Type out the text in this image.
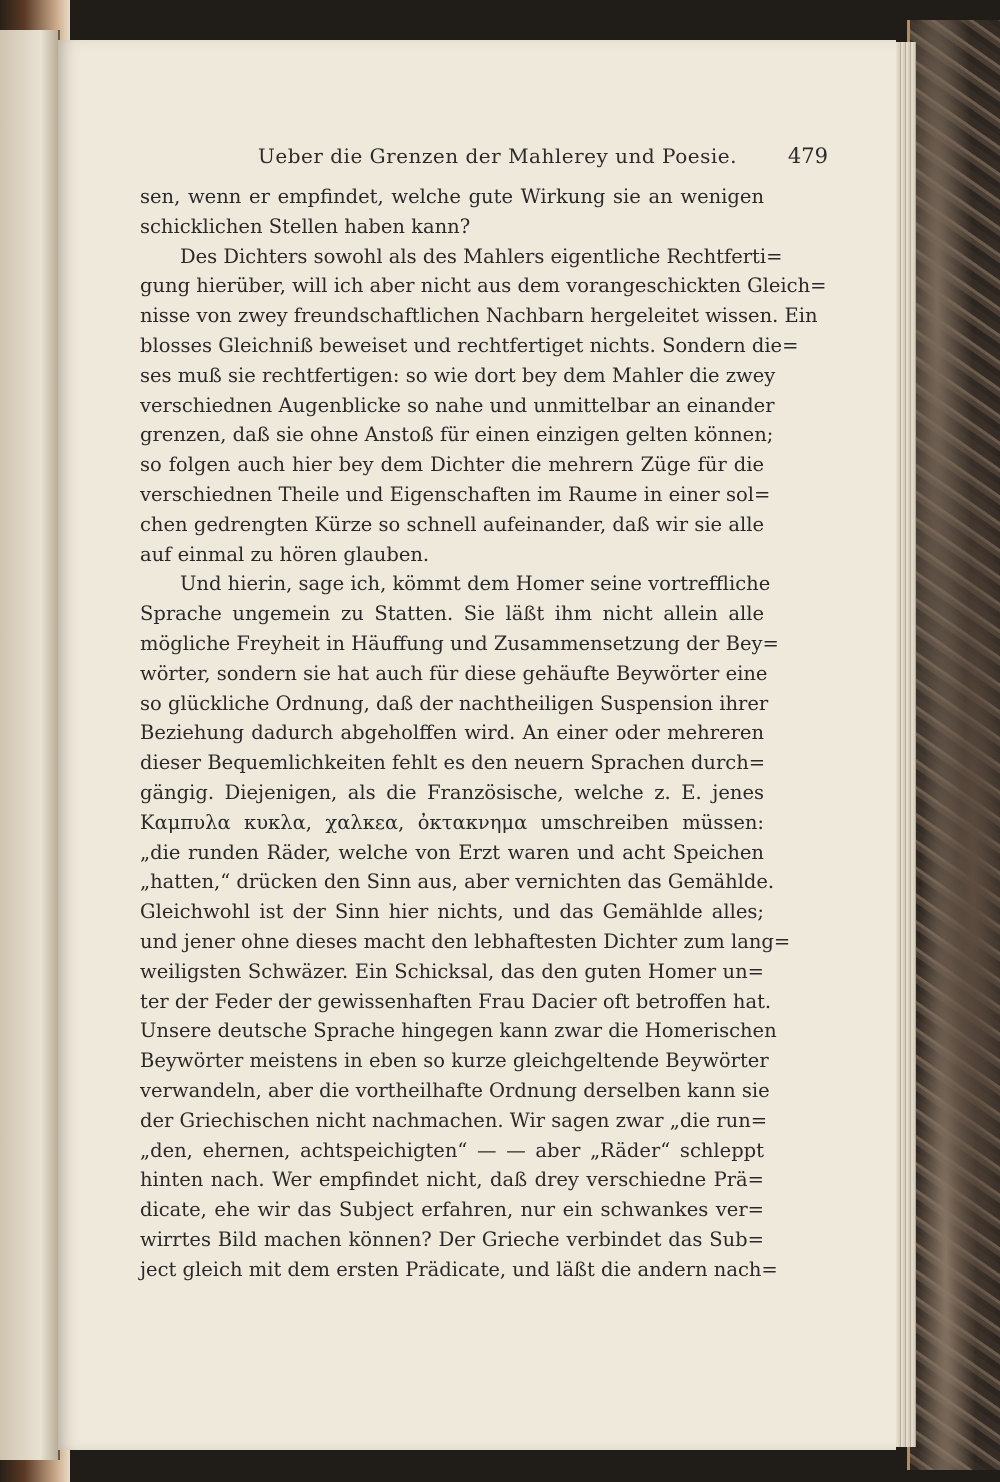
Ueber die Grenzen der Mahlerey und Poesie. 479
sen, wenn er empfindet, welche gute Wirkung sie an wenigen
schicklichen Stellen haben kann?
Des Dichters sowohl als des Mahlers eigentliche Rechtferti=
gung hierüber, will ich aber nicht aus dem vorangeschickten Gleich=
nisse von zwey freundschaftlichen Nachbarn hergeleitet wissen. Ein
blosses Gleichniß beweiset und rechtfertiget nichts. Sondern die=
ses muß sie rechtfertigen: so wie dort bey dem Mahler die zwey
verschiednen Augenblicke so nahe und unmittelbar an einander
grenzen, daß sie ohne Anstoß für einen einzigen gelten können;
so folgen auch hier bey dem Dichter die mehrern Züge für die
verschiednen Theile und Eigenschaften im Raume in einer sol=
chen gedrengten Kürze so schnell aufeinander, daß wir sie alle
auf einmal zu hören glauben.
Und hierin, sage ich, kömmt dem Homer seine vortreffliche
Sprache ungemein zu Statten. Sie läßt ihm nicht allein alle
mögliche Freyheit in Häuffung und Zusammensetzung der Bey=
wörter, sondern sie hat auch für diese gehäufte Beywörter eine
so glückliche Ordnung, daß der nachtheiligen Suspension ihrer
Beziehung dadurch abgeholffen wird. An einer oder mehreren
dieser Bequemlichkeiten fehlt es den neuern Sprachen durch=
gängig. Diejenigen, als die Französische, welche z. E. jenes
Καμπυλα κυκλα, χαλκεα, ὀκτακνημα umschreiben müssen:
„die runden Räder, welche von Erzt waren und acht Speichen
„hatten,“ drücken den Sinn aus, aber vernichten das Gemählde.
Gleichwohl ist der Sinn hier nichts, und das Gemählde alles;
und jener ohne dieses macht den lebhaftesten Dichter zum lang=
weiligsten Schwäzer. Ein Schicksal, das den guten Homer un=
ter der Feder der gewissenhaften Frau Dacier oft betroffen hat.
Unsere deutsche Sprache hingegen kann zwar die Homerischen
Beywörter meistens in eben so kurze gleichgeltende Beywörter
verwandeln, aber die vortheilhafte Ordnung derselben kann sie
der Griechischen nicht nachmachen. Wir sagen zwar „die run=
„den, ehernen, achtspeichigten“ — — aber „Räder“ schleppt
hinten nach. Wer empfindet nicht, daß drey verschiedne Prä=
dicate, ehe wir das Subject erfahren, nur ein schwankes ver=
wirrtes Bild machen können? Der Grieche verbindet das Sub=
ject gleich mit dem ersten Prädicate, und läßt die andern nach=
